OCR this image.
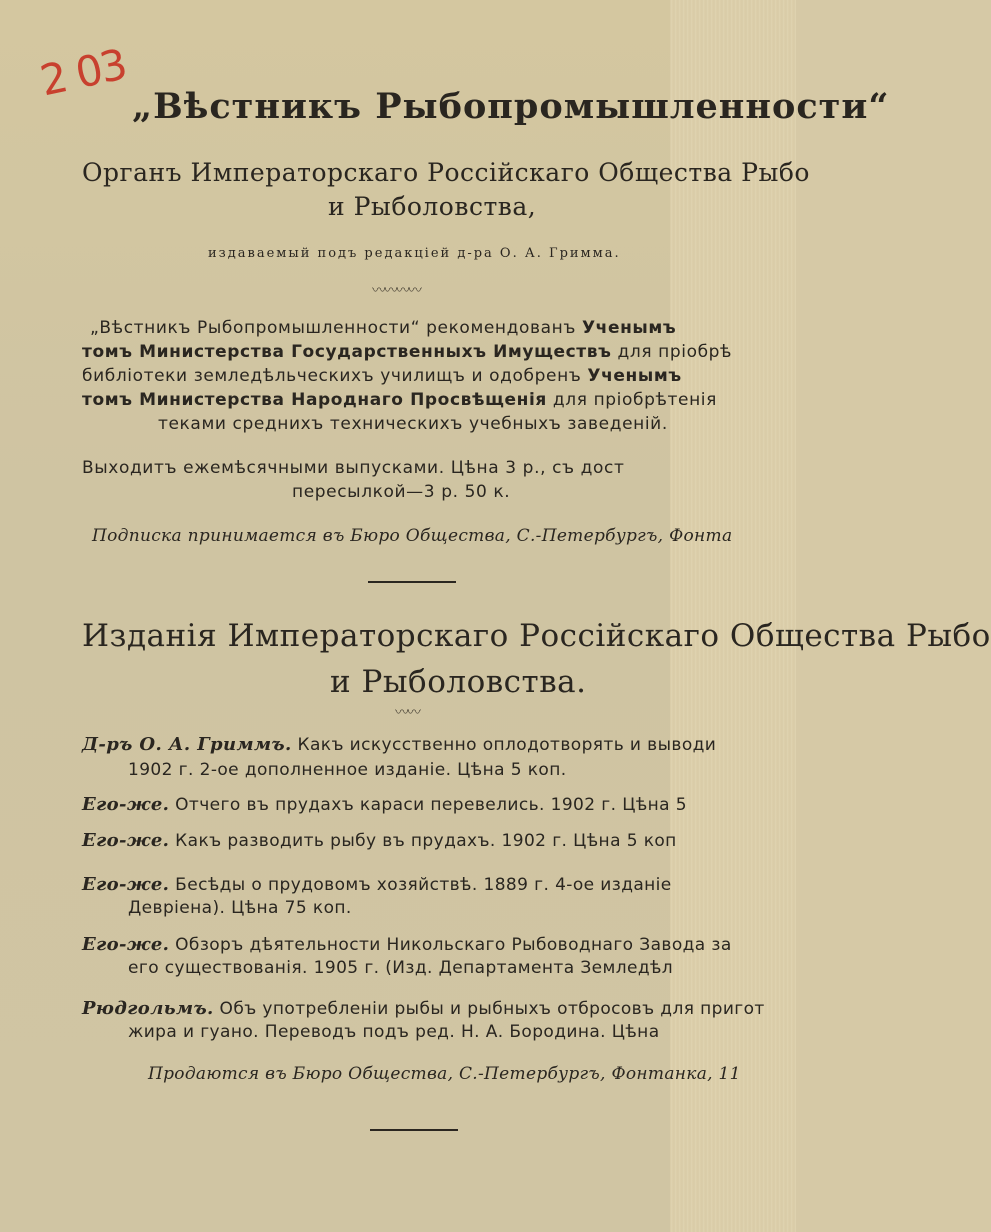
2 03
„Вѣстникъ Рыбопромышленности“
Органъ Императорскаго Россійскаго Общества Рыбо
и Рыболовства,
издаваемый подъ редакціей д-ра О. А. Гримма.
〰〰〰〰
„Вѣстникъ Рыбопромышленности“ рекомендованъ Ученымъ
томъ Министерства Государственныхъ Имуществъ для пріобрѣ
библіотеки земледѣльческихъ училищъ и одобренъ Ученымъ
томъ Министерства Народнаго Просвѣщенія для пріобрѣтенія
теками среднихъ техническихъ учебныхъ заведеній.
Выходитъ ежемѣсячными выпусками. Цѣна 3 р., съ дост
пересылкой—3 р. 50 к.
Подписка принимается въ Бюро Общества, С.-Петербургъ, Фонта
Изданія Императорскаго Россійскаго Общества Рыбо
и Рыболовства.
〰〰
Д-ръ О. А. Гриммъ. Какъ искусственно оплодотворять и выводи
1902 г. 2-ое дополненное изданіе. Цѣна 5 коп.
Его-же. Отчего въ прудахъ караси перевелись. 1902 г. Цѣна 5
Его-же. Какъ разводить рыбу въ прудахъ. 1902 г. Цѣна 5 коп
Его-же. Бесѣды о прудовомъ хозяйствѣ. 1889 г. 4-ое изданіе
Девріена). Цѣна 75 коп.
Его-же. Обзоръ дѣятельности Никольскаго Рыбоводнаго Завода за
его существованія. 1905 г. (Изд. Департамента Земледѣл
Рюдгольмъ. Объ употребленіи рыбы и рыбныхъ отбросовъ для пригот
жира и гуано. Переводъ подъ ред. Н. А. Бородина. Цѣна
Продаются въ Бюро Общества, С.-Петербургъ, Фонтанка, 11
